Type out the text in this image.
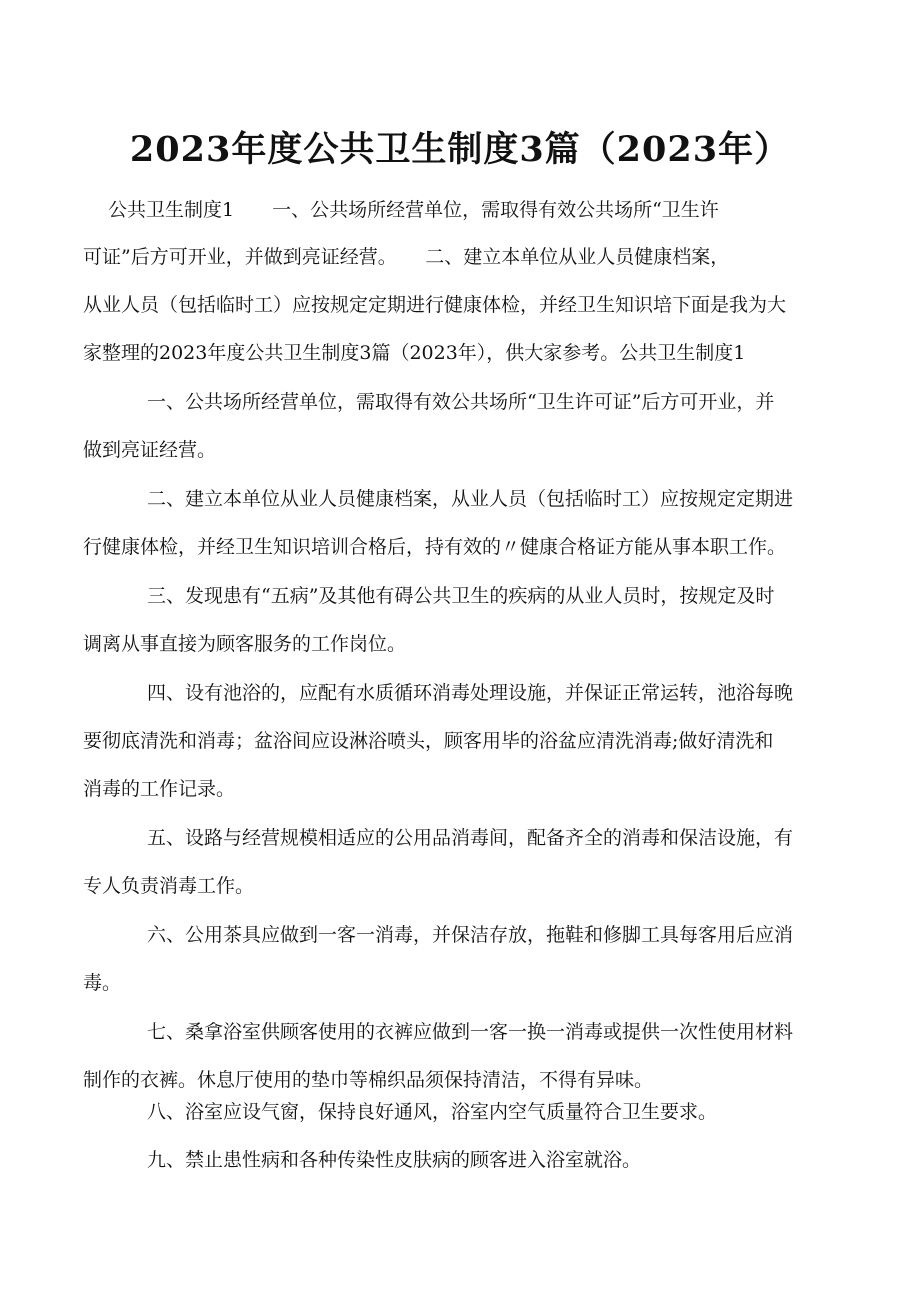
2023年度公共卫生制度3篇（2023年）
公共卫生制度1　　一、公共场所经营单位，需取得有效公共场所“卫生许
可证”后方可开业，并做到亮证经营。　　二、建立本单位从业人员健康档案，
从业人员（包括临时工）应按规定定期进行健康体检，并经卫生知识培下面是我为大
家整理的2023年度公共卫生制度3篇（2023年），供大家参考。公共卫生制度1
一、公共场所经营单位，需取得有效公共场所“卫生许可证”后方可开业，并
做到亮证经营。
二、建立本单位从业人员健康档案，从业人员（包括临时工）应按规定定期进
行健康体检，并经卫生知识培训合格后，持有效的〃健康合格证方能从事本职工作。
三、发现患有“五病”及其他有碍公共卫生的疾病的从业人员时，按规定及时
调离从事直接为顾客服务的工作岗位。
四、设有池浴的，应配有水质循环消毒处理设施，并保证正常运转，池浴每晚
要彻底清洗和消毒；盆浴间应设淋浴喷头，顾客用毕的浴盆应清洗消毒;做好清洗和
消毒的工作记录。
五、设路与经营规模相适应的公用品消毒间，配备齐全的消毒和保洁设施，有
专人负责消毒工作。
六、公用茶具应做到一客一消毒，并保洁存放，拖鞋和修脚工具每客用后应消
毒。
七、桑拿浴室供顾客使用的衣裤应做到一客一换一消毒或提供一次性使用材料
制作的衣裤。休息厅使用的垫巾等棉织品须保持清洁，不得有异味。
八、浴室应设气窗，保持良好通风，浴室内空气质量符合卫生要求。
九、禁止患性病和各种传染性皮肤病的顾客进入浴室就浴。
